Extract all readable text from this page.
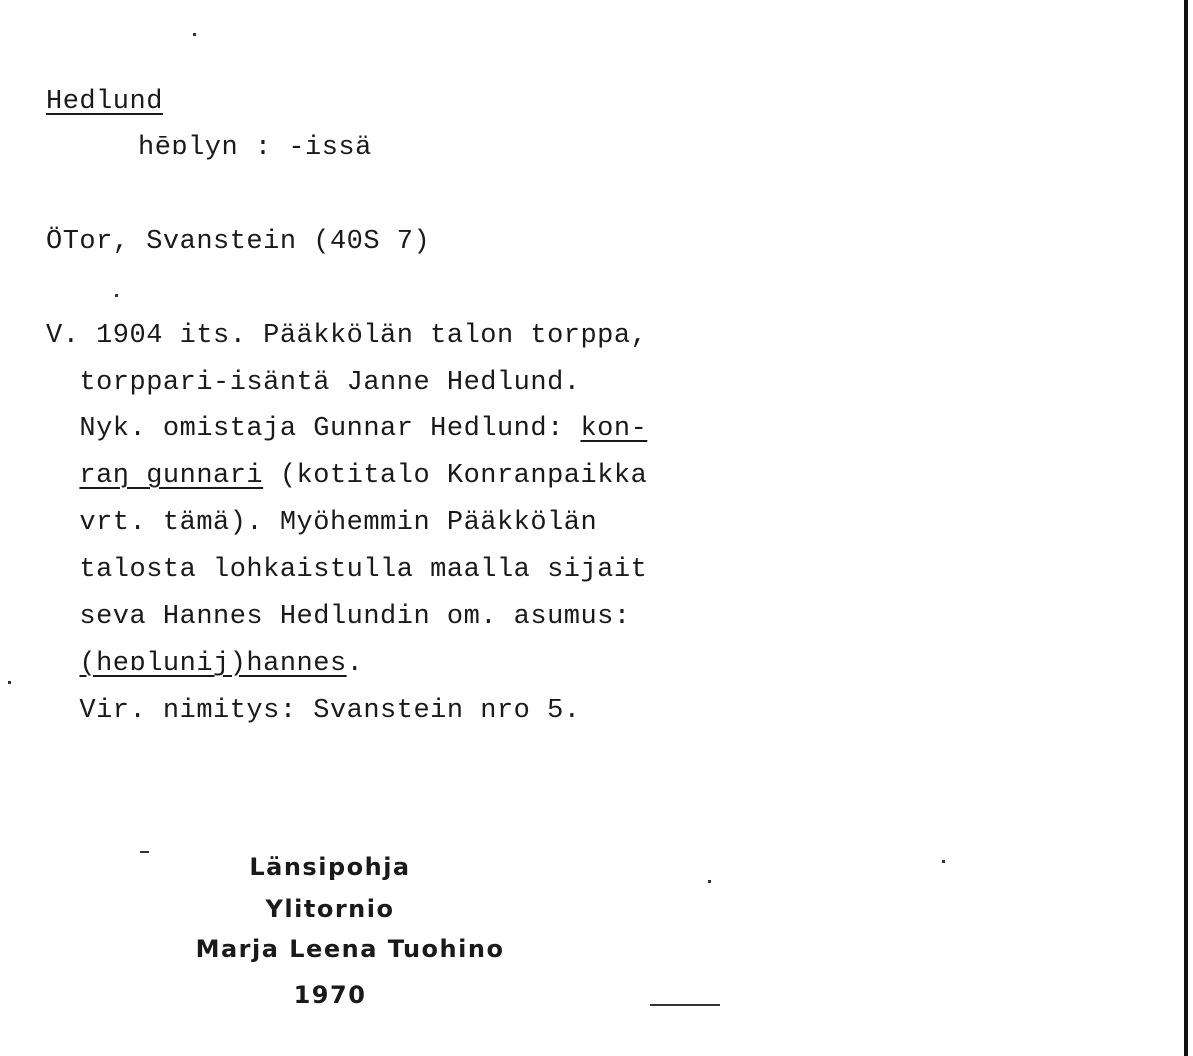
Hedlund
hēɒlyn : -issä
ÖTor, Svanstein (40S 7)
V. 1904 its. Pääkkölän talon torppa,
torppari-isäntä Janne Hedlund.
Nyk. omistaja Gunnar Hedlund: kon-
raŋ gunnari (kotitalo Konranpaikka
vrt. tämä). Myöhemmin Pääkkölän
talosta lohkaistulla maalla sijait
seva Hannes Hedlundin om. asumus:
(heɒlunij)hannes.
Vir. nimitys: Svanstein nro 5.
Länsipohja
Ylitornio
Marja Leena Tuohino
1970
